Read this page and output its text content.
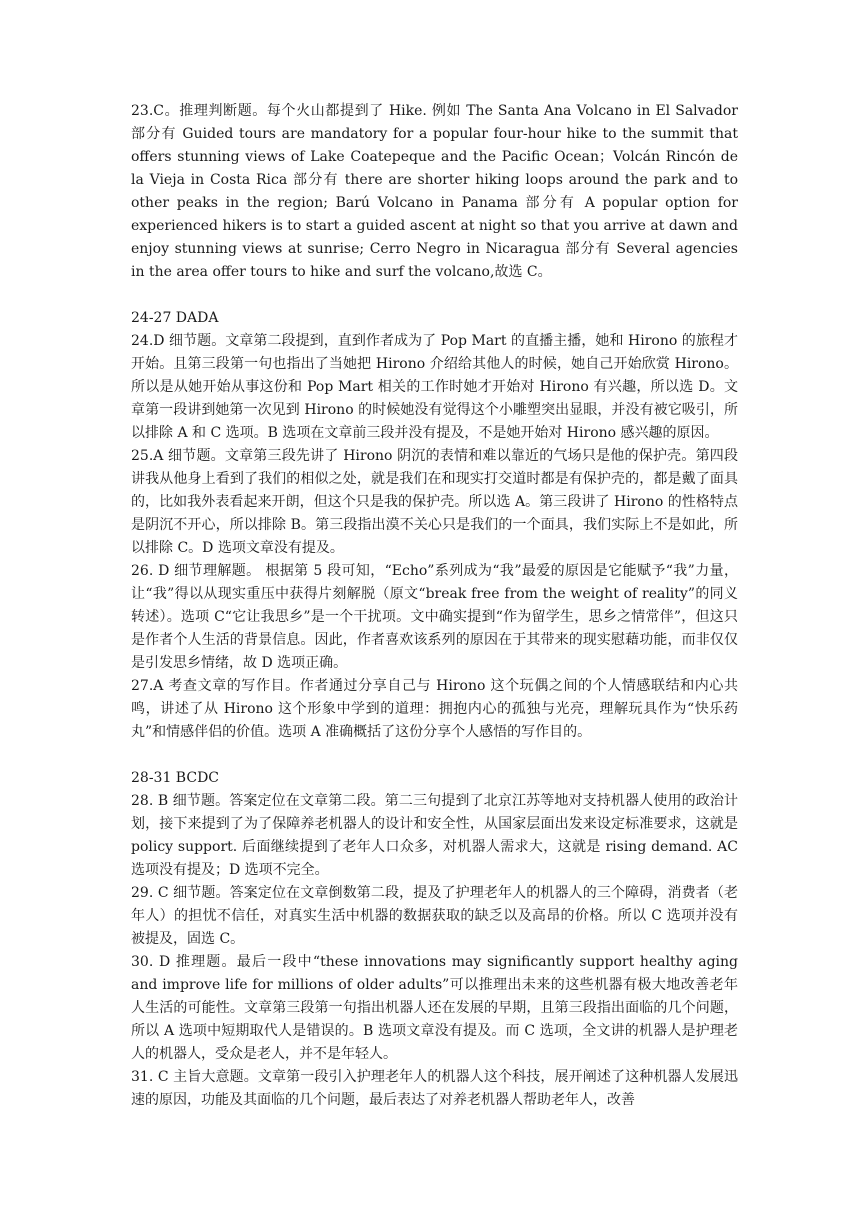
23.C。推理判断题。每个火山都提到了 Hike. 例如 The Santa Ana Volcano in El Salvador 部分有 Guided tours are mandatory for a popular four-hour hike to the summit that offers stunning views of Lake Coatepeque and the Pacific Ocean；Volcán Rincón de la Vieja in Costa Rica 部分有 there are shorter hiking loops around the park and to other peaks in the region; Barú Volcano in Panama 部分有 A popular option for experienced hikers is to start a guided ascent at night so that you arrive at dawn and enjoy stunning views at sunrise; Cerro Negro in Nicaragua 部分有 Several agencies in the area offer tours to hike and surf the volcano,故选 C。

24-27 DADA

24.D 细节题。文章第二段提到，直到作者成为了 Pop Mart 的直播主播，她和 Hirono 的旅程才开始。且第三段第一句也指出了当她把 Hirono 介绍给其他人的时候，她自己开始欣赏 Hirono。所以是从她开始从事这份和 Pop Mart 相关的工作时她才开始对 Hirono 有兴趣，所以选 D。文章第一段讲到她第一次见到 Hirono 的时候她没有觉得这个小雕塑突出显眼，并没有被它吸引，所以排除 A 和 C 选项。B 选项在文章前三段并没有提及，不是她开始对 Hirono 感兴趣的原因。

25.A 细节题。文章第三段先讲了 Hirono 阴沉的表情和难以靠近的气场只是他的保护壳。第四段讲我从他身上看到了我们的相似之处，就是我们在和现实打交道时都是有保护壳的，都是戴了面具的，比如我外表看起来开朗，但这个只是我的保护壳。所以选 A。第三段讲了 Hirono 的性格特点是阴沉不开心，所以排除 B。第三段指出漠不关心只是我们的一个面具，我们实际上不是如此，所以排除 C。D 选项文章没有提及。

26. D 细节理解题。 根据第 5 段可知，“Echo”系列成为“我”最爱的原因是它能赋予“我”力量，让“我”得以从现实重压中获得片刻解脱（原文“break free from the weight of reality”的同义转述）。选项 C“它让我思乡”是一个干扰项。文中确实提到“作为留学生，思乡之情常伴”，但这只是作者个人生活的背景信息。因此，作者喜欢该系列的原因在于其带来的现实慰藉功能，而非仅仅是引发思乡情绪，故 D 选项正确。

27.A 考查文章的写作目。作者通过分享自己与 Hirono 这个玩偶之间的个人情感联结和内心共鸣，讲述了从 Hirono 这个形象中学到的道理：拥抱内心的孤独与光亮，理解玩具作为“快乐药丸”和情感伴侣的价值。选项 A 准确概括了这份分享个人感悟的写作目的。

28-31 BCDC

28. B 细节题。答案定位在文章第二段。第二三句提到了北京江苏等地对支持机器人使用的政治计划，接下来提到了为了保障养老机器人的设计和安全性，从国家层面出发来设定标准要求，这就是 policy support. 后面继续提到了老年人口众多，对机器人需求大，这就是 rising demand. AC 选项没有提及；D 选项不完全。

29. C 细节题。答案定位在文章倒数第二段，提及了护理老年人的机器人的三个障碍，消费者（老年人）的担忧不信任，对真实生活中机器的数据获取的缺乏以及高昂的价格。所以 C 选项并没有被提及，固选 C。

30. D 推理题。最后一段中“these innovations may significantly support healthy aging and improve life for millions of older adults”可以推理出未来的这些机器有极大地改善老年人生活的可能性。文章第三段第一句指出机器人还在发展的早期，且第三段指出面临的几个问题，所以 A 选项中短期取代人是错误的。B 选项文章没有提及。而 C 选项，全文讲的机器人是护理老人的机器人，受众是老人，并不是年轻人。

31. C 主旨大意题。文章第一段引入护理老年人的机器人这个科技，展开阐述了这种机器人发展迅速的原因，功能及其面临的几个问题，最后表达了对养老机器人帮助老年人，改善
